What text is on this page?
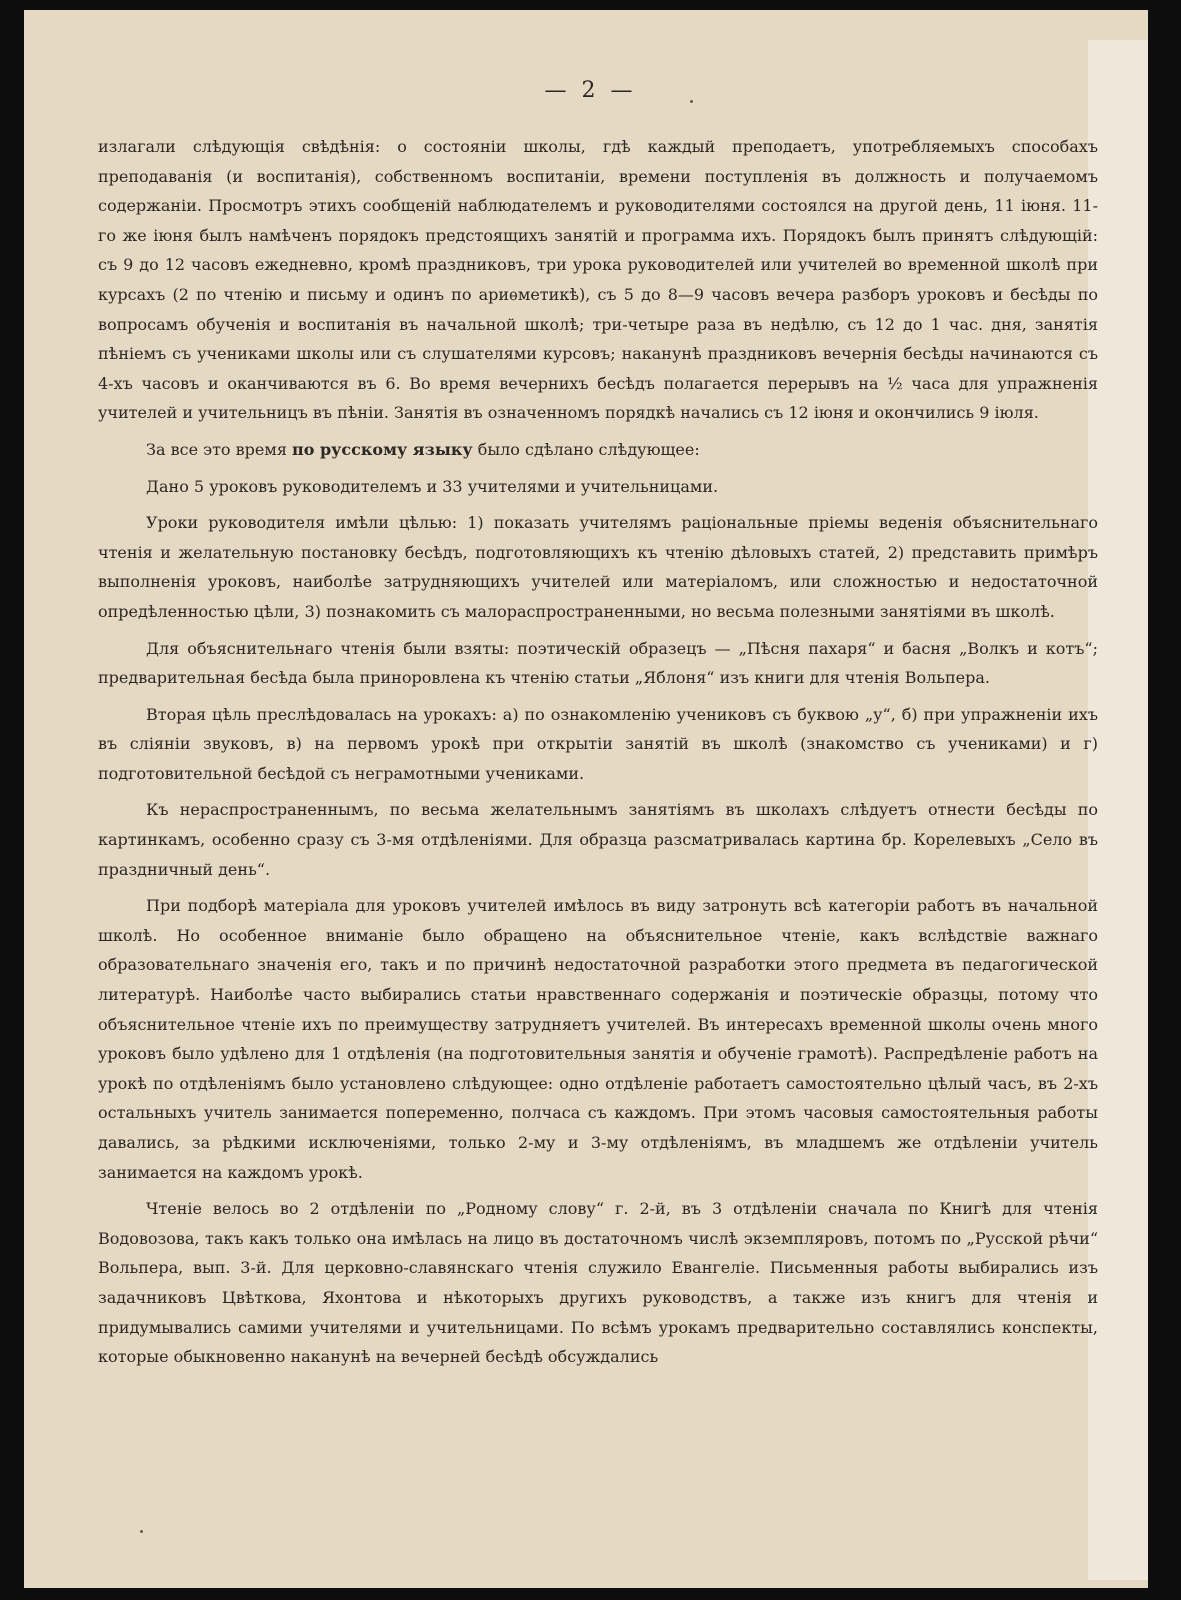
— 2 —

излагали слѣдующія свѣдѣнія: о состояніи школы, гдѣ каждый преподаетъ, употребляемыхъ способахъ преподаванія (и воспитанія), собственномъ воспитаніи, времени поступленія въ должность и получаемомъ содержаніи. Просмотръ этихъ сообщеній наблюдателемъ и руководителями состоялся на другой день, 11 іюня. 11-го же іюня былъ намѣченъ порядокъ предстоящихъ занятій и программа ихъ. Порядокъ былъ принятъ слѣдующій: съ 9 до 12 часовъ ежедневно, кромѣ праздниковъ, три урока руководителей или учителей во временной школѣ при курсахъ (2 по чтенію и письму и одинъ по ариѳметикѣ), съ 5 до 8—9 часовъ вечера разборъ уроковъ и бесѣды по вопросамъ обученія и воспитанія въ начальной школѣ; три-четыре раза въ недѣлю, съ 12 до 1 час. дня, занятія пѣніемъ съ учениками школы или съ слушателями курсовъ; наканунѣ праздниковъ вечернія бесѣды начинаются съ 4-хъ часовъ и оканчиваются въ 6. Во время вечернихъ бесѣдъ полагается перерывъ на ½ часа для упражненія учителей и учительницъ въ пѣніи. Занятія въ означенномъ порядкѣ начались съ 12 іюня и окончились 9 іюля.

За все это время по русскому языку было сдѣлано слѣдующее:

Дано 5 уроковъ руководителемъ и 33 учителями и учительницами.

Уроки руководителя имѣли цѣлью: 1) показать учителямъ раціональные пріемы веденія объяснительнаго чтенія и желательную постановку бесѣдъ, подготовляющихъ къ чтенію дѣловыхъ статей, 2) представить примѣръ выполненія уроковъ, наиболѣе затрудняющихъ учителей или матеріаломъ, или сложностью и недостаточной опредѣленностью цѣли, 3) познакомить съ малораспространенными, но весьма полезными занятіями въ школѣ.

Для объяснительнаго чтенія были взяты: поэтическій образецъ — „Пѣсня пахаря“ и басня „Волкъ и котъ“; предварительная бесѣда была приноровлена къ чтенію статьи „Яблоня“ изъ книги для чтенія Вольпера.

Вторая цѣль преслѣдовалась на урокахъ: а) по ознакомленію учениковъ съ буквою „у“, б) при упражненіи ихъ въ сліяніи звуковъ, в) на первомъ урокѣ при открытіи занятій въ школѣ (знакомство съ учениками) и г) подготовительной бесѣдой съ неграмотными учениками.

Къ нераспространеннымъ, по весьма желательнымъ занятіямъ въ школахъ слѣдуетъ отнести бесѣды по картинкамъ, особенно сразу съ 3-мя отдѣленіями. Для образца разсматривалась картина бр. Корелевыхъ „Село въ праздничный день“.

При подборѣ матеріала для уроковъ учителей имѣлось въ виду затронуть всѣ категоріи работъ въ начальной школѣ. Но особенное вниманіе было обращено на объяснительное чтеніе, какъ вслѣдствіе важнаго образовательнаго значенія его, такъ и по причинѣ недостаточной разработки этого предмета въ педагогической литературѣ. Наиболѣе часто выбирались статьи нравственнаго содержанія и поэтическіе образцы, потому что объяснительное чтеніе ихъ по преимуществу затрудняетъ учителей. Въ интересахъ временной школы очень много уроковъ было удѣлено для 1 отдѣленія (на подготовительныя занятія и обученіе грамотѣ). Распредѣленіе работъ на урокѣ по отдѣленіямъ было установлено слѣдующее: одно отдѣленіе работаетъ самостоятельно цѣлый часъ, въ 2-хъ остальныхъ учитель занимается попеременно, полчаса съ каждомъ. При этомъ часовыя самостоятельныя работы давались, за рѣдкими исключеніями, только 2-му и 3-му отдѣленіямъ, въ младшемъ же отдѣленіи учитель занимается на каждомъ урокѣ.

Чтеніе велось во 2 отдѣленіи по „Родному слову“ г. 2-й, въ 3 отдѣленіи сначала по Книгѣ для чтенія Водовозова, такъ какъ только она имѣлась на лицо въ достаточномъ числѣ экземпляровъ, потомъ по „Русской рѣчи“ Вольпера, вып. 3-й. Для церковно-славянскаго чтенія служило Евангеліе. Письменныя работы выбирались изъ задачниковъ Цвѣткова, Яхонтова и нѣкоторыхъ другихъ руководствъ, а также изъ книгъ для чтенія и придумывались самими учителями и учительницами. По всѣмъ урокамъ предварительно составлялись конспекты, которые обыкновенно наканунѣ на вечерней бесѣдѣ обсуждались
